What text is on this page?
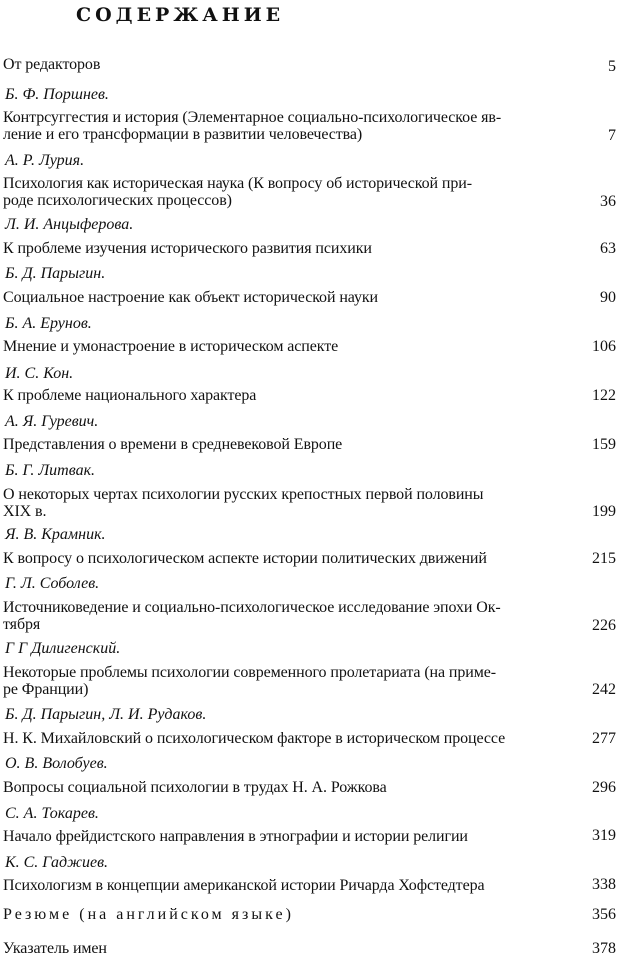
СОДЕРЖАНИЕ
От редакторов	5
Б. Ф. Поршнев.
Контрсуггестия и история (Элементарное социально-психологическое яв-
ление и его трансформации в развитии человечества)	7
А. Р. Лурия.
Психология как историческая наука (К вопросу об исторической при-
роде психологических процессов)	36
Л. И. Анцыферова.
К проблеме изучения исторического развития психики	63
Б. Д. Парыгин.
Социальное настроение как объект исторической науки	90
Б. А. Ерунов.
Мнение и умонастроение в историческом аспекте	106
И. С. Кон.
К проблеме национального характера	122
А. Я. Гуревич.
Представления о времени в средневековой Европе	159
Б. Г. Литвак.
О некоторых чертах психологии русских крепостных первой половины
XIX в.	199
Я. В. Крамник.
К вопросу о психологическом аспекте истории политических движений	215
Г. Л. Соболев.
Источниковедение и социально-психологическое исследование эпохи Ок-
тября	226
Г Г Дилигенский.
Некоторые проблемы психологии современного пролетариата (на приме-
ре Франции)	242
Б. Д. Парыгин, Л. И. Рудаков.
Н. К. Михайловский о психологическом факторе в историческом процессе	277
О. В. Волобуев.
Вопросы социальной психологии в трудах Н. А. Рожкова	296
С. А. Токарев.
Начало фрейдистского направления в этнографии и истории религии	319
К. С. Гаджиев.
Психологизм в концепции американской истории Ричарда Хофстедтера	338
Резюме (на английском языке)	356
Указатель имен	378
